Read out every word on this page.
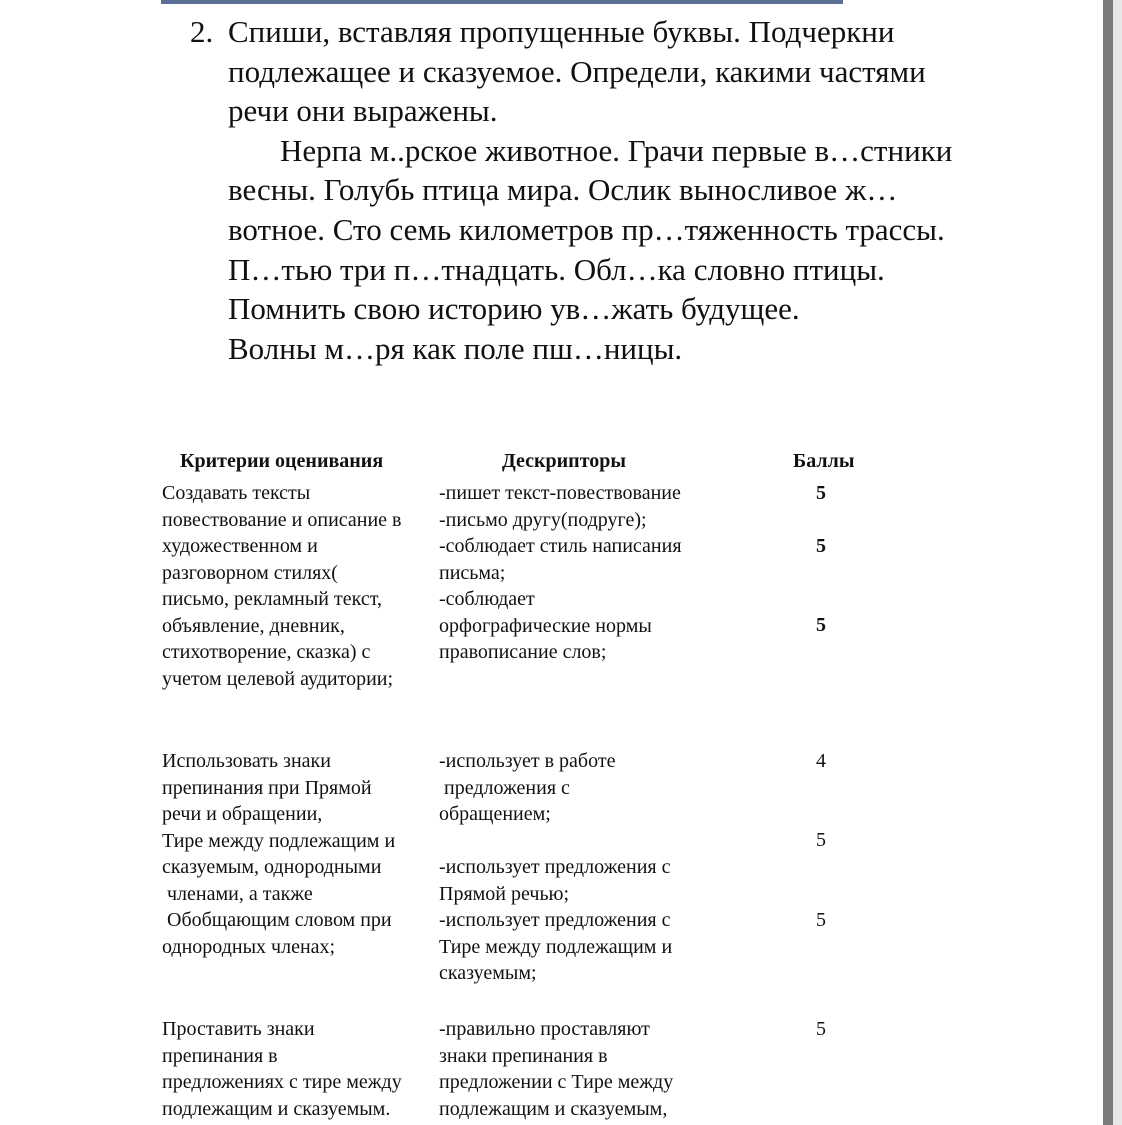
2. Спиши, вставляя пропущенные буквы. Подчеркни
подлежащее и сказуемое. Определи, какими частями
речи они выражены.
Нерпа м..рское животное. Грачи первые в…стники
весны. Голубь птица мира. Ослик выносливое ж…
вотное. Сто семь километров пр…тяженность трассы.
П…тью три п…тнадцать. Обл…ка словно птицы.
Помнить свою историю ув…жать будущее.
Волны м…ря как поле пш…ницы.
Критерии оценивания	Дескрипторы	Баллы
Создавать тексты
повествование и описание в
художественном и
разговорном стилях(
письмо, рекламный текст,
объявление, дневник,
стихотворение, сказка) с
учетом целевой аудитории;
-пишет текст-повествование
-письмо другу(подруге);
-соблюдает стиль написания
письма;
-соблюдает
орфографические нормы
правописание слов;
5
5
5
Использовать знаки
препинания при Прямой
речи и обращении,
Тире между подлежащим и
сказуемым, однородными
членами, а также
Обобщающим словом при
однородных членах;
-использует в работе
предложения с
обращением;
-использует предложения с
Прямой речью;
-использует предложения с
Тире между подлежащим и
сказуемым;
4
5
5
Проставить знаки
препинания в
предложениях с тире между
подлежащим и сказуемым.
-правильно проставляют
знаки препинания в
предложении с Тире между
подлежащим и сказуемым,
5
